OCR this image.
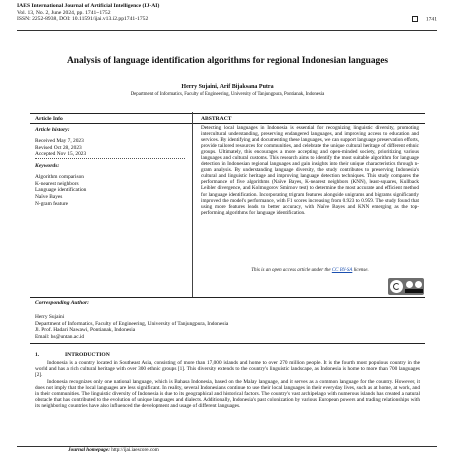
IAES International Journal of Artificial Intelligence (IJ-AI)
Vol. 13, No. 2, June 2024, pp. 1741~1752
ISSN: 2252-8938, DOI: 10.11591/ijai.v13.i2.pp1741-1752	1741
Analysis of language identification algorithms for regional Indonesian languages
Herry Sujaini, Arif Bijaksana Putra
Department of Informatics, Faculty of Engineering, University of Tanjungpura, Pontianak, Indonesia
Article Info	ABSTRACT
Article history:
Received May 7, 2023
Revised Oct 28, 2023
Accepted Nov 15, 2023
Keywords:
Algorithm comparison
K-nearest neighbors
Language identification
Naïve Bayes
N-gram feature
Detecting local languages in Indonesia is essential for recognizing linguistic diversity, promoting intercultural understanding, preserving endangered languages, and improving access to education and services. By identifying and documenting these languages, we can support language preservation efforts, provide tailored resources for communities, and celebrate the unique cultural heritage of different ethnic groups. Ultimately, this encourages a more accepting and open-minded society, prioritizing various languages and cultural customs. This research aims to identify the most suitable algorithm for language detection in Indonesian regional languages and gain insights into their unique characteristics through n-gram analysis. By understanding language diversity, the study contributes to preserving Indonesia's cultural and linguistic heritage and improving language detection techniques. This study compares the performance of five algorithms (Naïve Bayes, K-nearest neighbors (KNN), least-squares, Kullback Leibler divergence, and Kolmogorov Smirnov test) to determine the most accurate and efficient method for language identification. Incorporating trigram features alongside unigrams and bigrams significantly improved the model's performance, with F1 scores increasing from 0.923 to 0.959. The study found that using more features leads to better accuracy, with Naïve Bayes and KNN emerging as the top-performing algorithms for language identification.
This is an open access article under the CC BY-SA license.
Corresponding Author:
Herry Sujaini
Department of Informatics, Faculty of Engineering, University of Tanjungpura, Indonesia
Jl. Prof. Hadari Nawawi, Pontianak, Indonesia
Email: hs@untan.ac.id
1.	INTRODUCTION

Indonesia is a country located in Southeast Asia, consisting of more than 17,000 islands and home to over 270 million people. It is the fourth most populous country in the world and has a rich cultural heritage with over 300 ethnic groups [1]. This diversity extends to the country's linguistic landscape, as Indonesia is home to more than 700 languages [2].

Indonesia recognizes only one national language, which is Bahasa Indonesia, based on the Malay language, and it serves as a common language for the country. However, it does not imply that the local languages are less significant. In reality, several Indonesians continue to use their local languages in their everyday lives, such as at home, at work, and in their communities. The linguistic diversity of Indonesia is due to its geographical and historical factors. The country's vast archipelago with numerous islands has created a natural obstacle that has contributed to the evolution of unique languages and dialects. Additionally, Indonesia's past colonization by various European powers and trading relationships with its neighboring countries have also influenced the development and usage of different languages.

Journal homepage: http://ijai.iaescore.com
